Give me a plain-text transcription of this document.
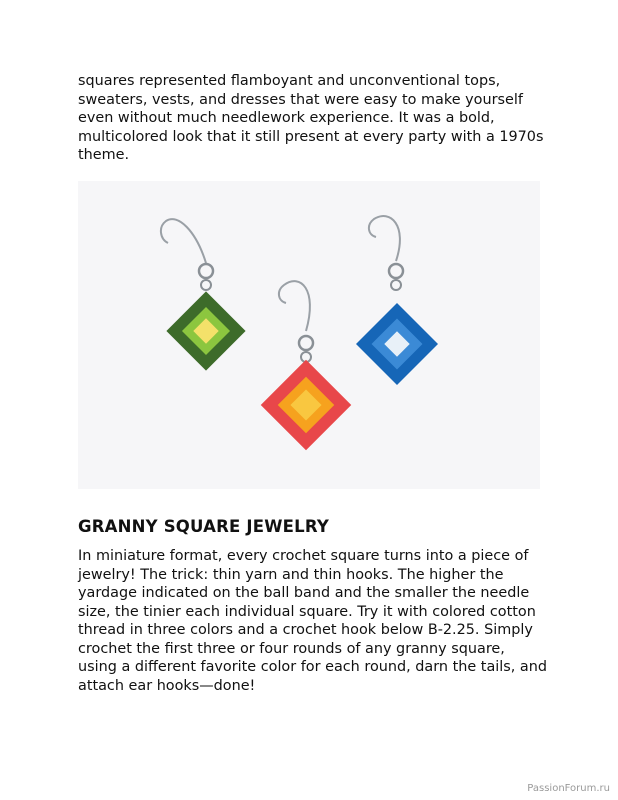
squares represented flamboyant and unconventional tops, sweaters, vests, and dresses that were easy to make yourself even without much needlework experience. It was a bold, multicolored look that it still present at every party with a 1970s theme.

GRANNY SQUARE JEWELRY

In miniature format, every crochet square turns into a piece of jewelry! The trick: thin yarn and thin hooks. The higher the yardage indicated on the ball band and the smaller the needle size, the tinier each individual square. Try it with colored cotton thread in three colors and a crochet hook below B-2.25. Simply crochet the first three or four rounds of any granny square, using a different favorite color for each round, darn the tails, and attach ear hooks—done!

PassionForum.ru
